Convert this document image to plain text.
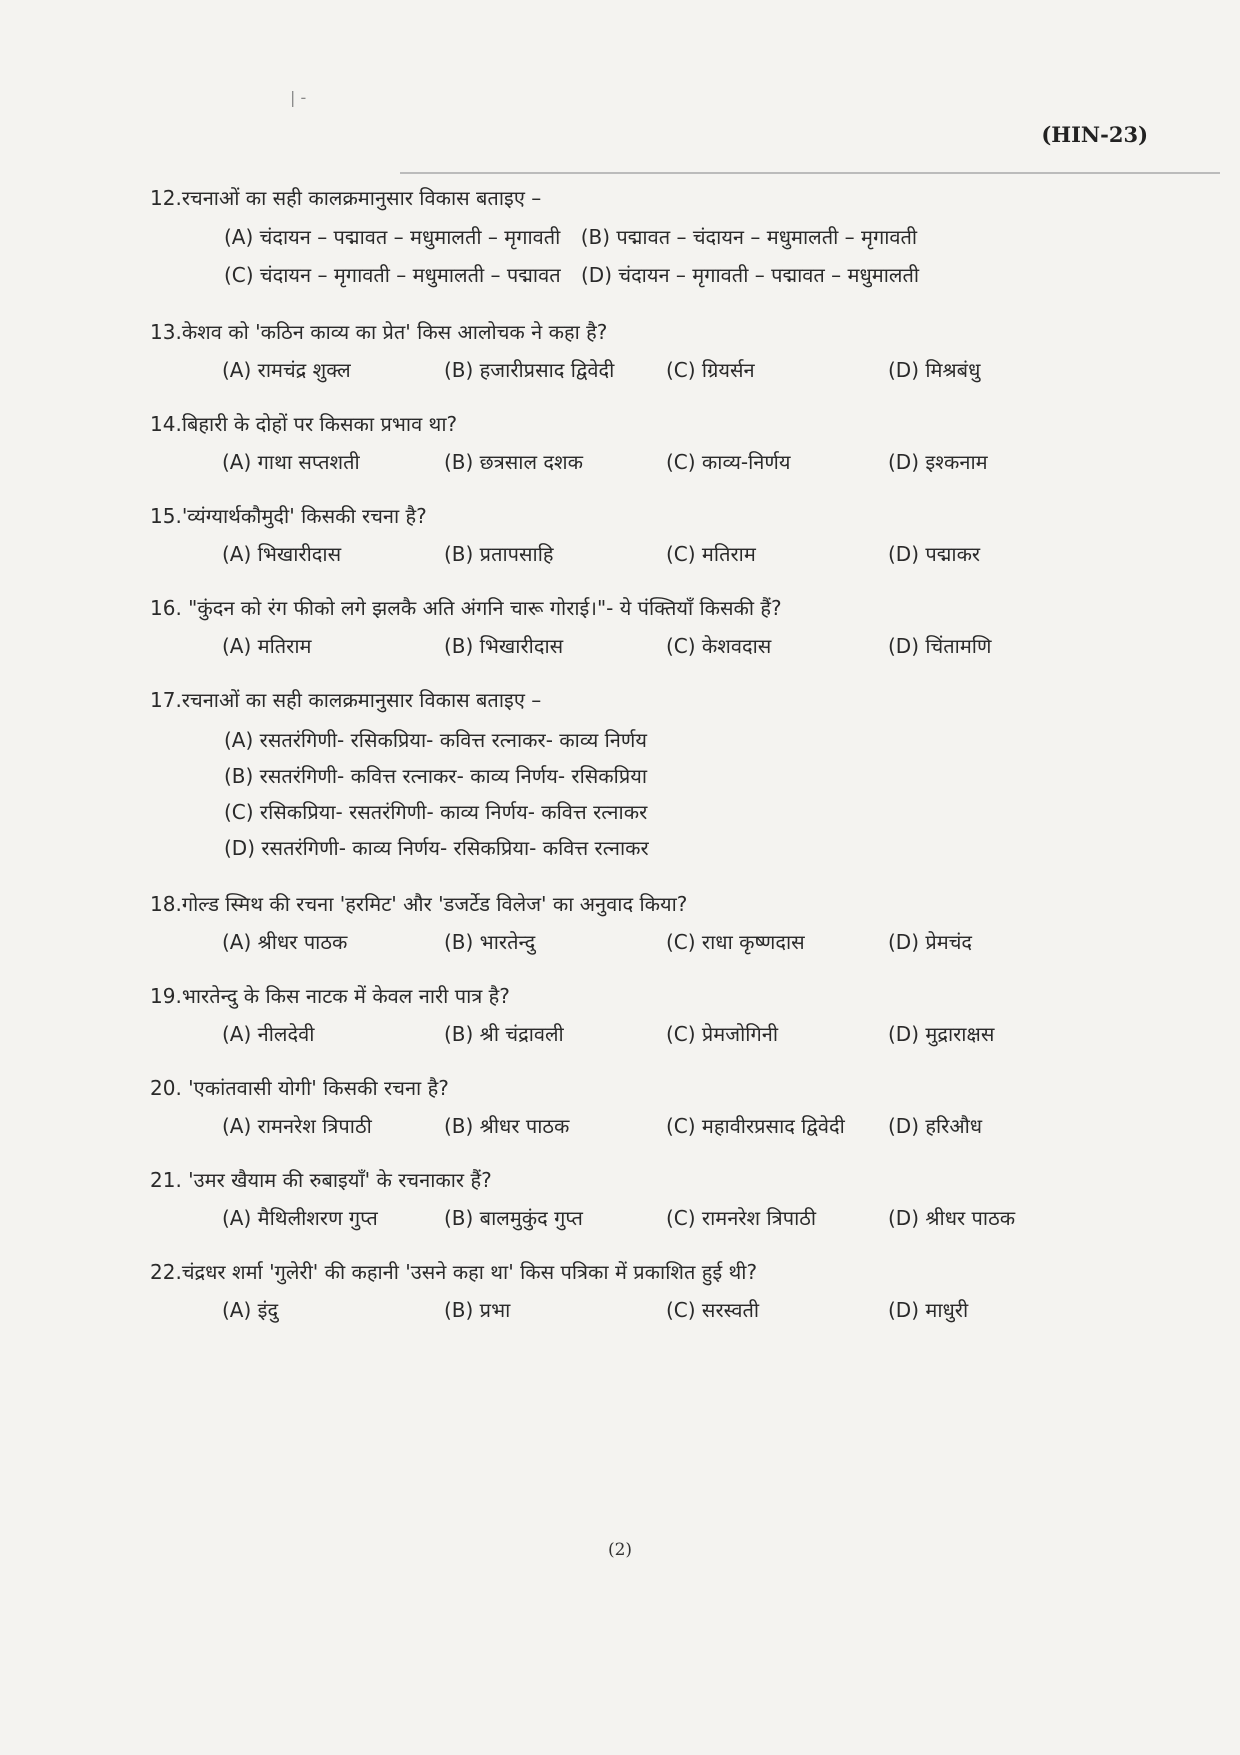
| -
(HIN-23)
12.रचनाओं का सही कालक्रमानुसार विकास बताइए –
(A) चंदायन – पद्मावत – मधुमालती – मृगावती (B) पद्मावत – चंदायन – मधुमालती – मृगावती
(C) चंदायन – मृगावती – मधुमालती – पद्मावत (D) चंदायन – मृगावती – पद्मावत – मधुमालती
13.केशव को 'कठिन काव्य का प्रेत' किस आलोचक ने कहा है?
(A) रामचंद्र शुक्ल	(B) हजारीप्रसाद द्विवेदी	(C) ग्रियर्सन	(D) मिश्रबंधु
14.बिहारी के दोहों पर किसका प्रभाव था?
(A) गाथा सप्तशती	(B) छत्रसाल दशक	(C) काव्य-निर्णय	(D) इश्कनाम
15.'व्यंग्यार्थकौमुदी' किसकी रचना है?
(A) भिखारीदास	(B) प्रतापसाहि	(C) मतिराम	(D) पद्माकर
16. "कुंदन को रंग फीको लगे झलकै अति अंगनि चारू गोराई।"- ये पंक्तियाँ किसकी हैं?
(A) मतिराम	(B) भिखारीदास	(C) केशवदास	(D) चिंतामणि
17.रचनाओं का सही कालक्रमानुसार विकास बताइए –
(A) रसतरंगिणी- रसिकप्रिया- कवित्त रत्नाकर- काव्य निर्णय
(B) रसतरंगिणी- कवित्त रत्नाकर- काव्य निर्णय- रसिकप्रिया
(C) रसिकप्रिया- रसतरंगिणी- काव्य निर्णय- कवित्त रत्नाकर
(D) रसतरंगिणी- काव्य निर्णय- रसिकप्रिया- कवित्त रत्नाकर
18.गोल्ड स्मिथ की रचना 'हरमिट' और 'डजर्टेड विलेज' का अनुवाद किया?
(A) श्रीधर पाठक	(B) भारतेन्दु	(C) राधा कृष्णदास	(D) प्रेमचंद
19.भारतेन्दु के किस नाटक में केवल नारी पात्र है?
(A) नीलदेवी	(B) श्री चंद्रावली	(C) प्रेमजोगिनी	(D) मुद्राराक्षस
20. 'एकांतवासी योगी' किसकी रचना है?
(A) रामनरेश त्रिपाठी	(B) श्रीधर पाठक	(C) महावीरप्रसाद द्विवेदी	(D) हरिऔध
21. 'उमर खैयाम की रुबाइयाँ' के रचनाकार हैं?
(A) मैथिलीशरण गुप्त	(B) बालमुकुंद गुप्त	(C) रामनरेश त्रिपाठी	(D) श्रीधर पाठक
22.चंद्रधर शर्मा 'गुलेरी' की कहानी 'उसने कहा था' किस पत्रिका में प्रकाशित हुई थी?
(A) इंदु	(B) प्रभा	(C) सरस्वती	(D) माधुरी
(2)
